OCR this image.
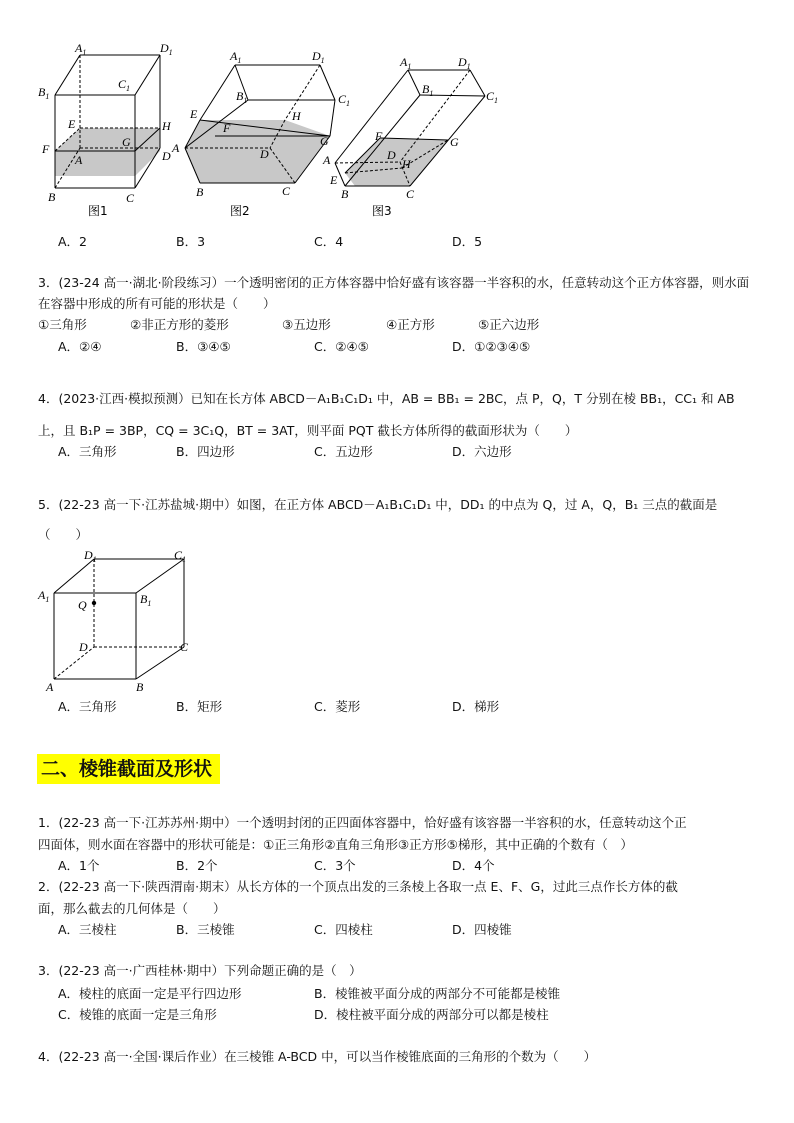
$A_1$	$D_1$
$B_1$
$C_1$
E	H
F	G
D
A
B	C
图1
$A_1$	$D_1$
$B_1$	$C_1$
E
F
H
G
A	D
B	C
图2
$A_1$	$D_1$
$B_1$	$C_1$
F	G
D
H
A
E
B	C
图3
A．2	B．3	C．4	D．5
3．(23-24 高一·湖北·阶段练习）一个透明密闭的正方体容器中恰好盛有该容器一半容积的水，任意转动这个正方体容器，则水面在容器中形成的所有可能的形状是（　　）
①三角形	②非正方形的菱形	③五边形	④正方形	⑤正六边形
A．②④	B．③④⑤	C．②④⑤	D．①②③④⑤
4．(2023·江西·模拟预测）已知在长方体 ABCD－A₁B₁C₁D₁ 中，AB = BB₁ = 2BC，点 P，Q，T 分别在棱 BB₁，CC₁ 和 AB
上，且 B₁P = 3BP，CQ = 3C₁Q，BT = 3AT，则平面 PQT 截长方体所得的截面形状为（　　）
A．三角形	B．四边形	C．五边形	D．六边形
5．(22-23 高一下·江苏盐城·期中）如图，在正方体 ABCD－A₁B₁C₁D₁ 中，DD₁ 的中点为 Q，过 A，Q，B₁ 三点的截面是
（　　）
$D_1$	$C_1$
$A_1$	$B_1$
Q
D	C
A	B
A．三角形	B．矩形	C．菱形	D．梯形
二、棱锥截面及形状
1．(22-23 高一下·江苏苏州·期中）一个透明封闭的正四面体容器中，恰好盛有该容器一半容积的水，任意转动这个正
四面体，则水面在容器中的形状可能是：①正三角形②直角三角形③正方形⑤梯形，其中正确的个数有（　）
A．1个	B．2个	C．3个	D．4个
2．(22-23 高一下·陕西渭南·期末）从长方体的一个顶点出发的三条棱上各取一点 E、F、G，过此三点作长方体的截
面，那么截去的几何体是（　　）
A．三棱柱	B．三棱锥	C．四棱柱	D．四棱锥
3．(22-23 高一·广西桂林·期中）下列命题正确的是（　）
A．棱柱的底面一定是平行四边形	B．棱锥被平面分成的两部分不可能都是棱锥
C．棱锥的底面一定是三角形	D．棱柱被平面分成的两部分可以都是棱柱
4．(22-23 高一·全国·课后作业）在三棱锥 A-BCD 中，可以当作棱锥底面的三角形的个数为（　　）
